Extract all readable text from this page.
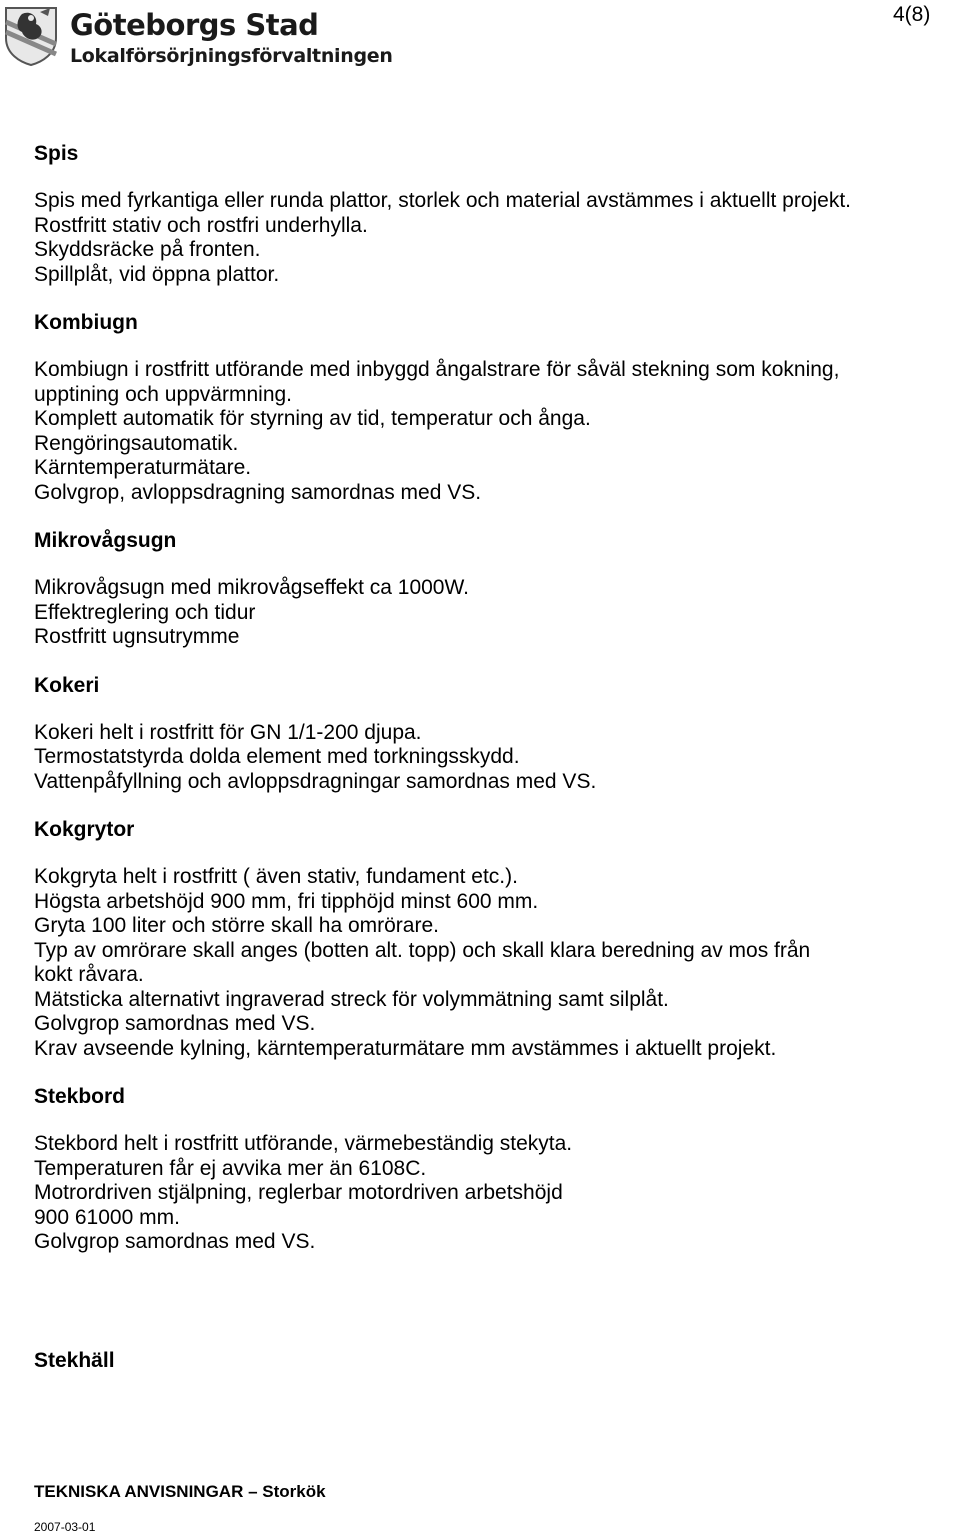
Göteborgs Stad
Lokalförsörjningsförvaltningen
4(8)
Spis
Spis med fyrkantiga eller runda plattor, storlek och material avstämmes i aktuellt projekt.
Rostfritt stativ och rostfri underhylla.
Skyddsräcke på fronten.
Spillplåt, vid öppna plattor.
Kombiugn
Kombiugn i rostfritt utförande med inbyggd ångalstrare för såväl stekning som kokning,
upptining och uppvärmning.
Komplett automatik för styrning av tid, temperatur och ånga.
Rengöringsautomatik.
Kärntemperaturmätare.
Golvgrop, avloppsdragning samordnas med VS.
Mikrovågsugn
Mikrovågsugn med mikrovågseffekt ca 1000W.
Effektreglering och tidur
Rostfritt ugnsutrymme
Kokeri
Kokeri helt i rostfritt för GN 1/1-200 djupa.
Termostatstyrda dolda element med torkningsskydd.
Vattenpåfyllning och avloppsdragningar samordnas med VS.
Kokgrytor
Kokgryta helt i rostfritt ( även stativ, fundament etc.).
Högsta arbetshöjd 900 mm, fri tipphöjd minst 600 mm.
Gryta 100 liter och större skall ha omrörare.
Typ av omrörare skall anges (botten alt. topp) och skall klara beredning av mos från
kokt råvara.
Mätsticka alternativt ingraverad streck för volymmätning samt silplåt.
Golvgrop samordnas med VS.
Krav avseende kylning, kärntemperaturmätare mm avstämmes i aktuellt projekt.
Stekbord
Stekbord helt i rostfritt utförande, värmebeständig stekyta.
Temperaturen får ej avvika mer än 6108C.
Motrordriven stjälpning, reglerbar motordriven arbetshöjd
900 61000 mm.
Golvgrop samordnas med VS.
Stekhäll
TEKNISKA ANVISNINGAR – Storkök
2007-03-01
